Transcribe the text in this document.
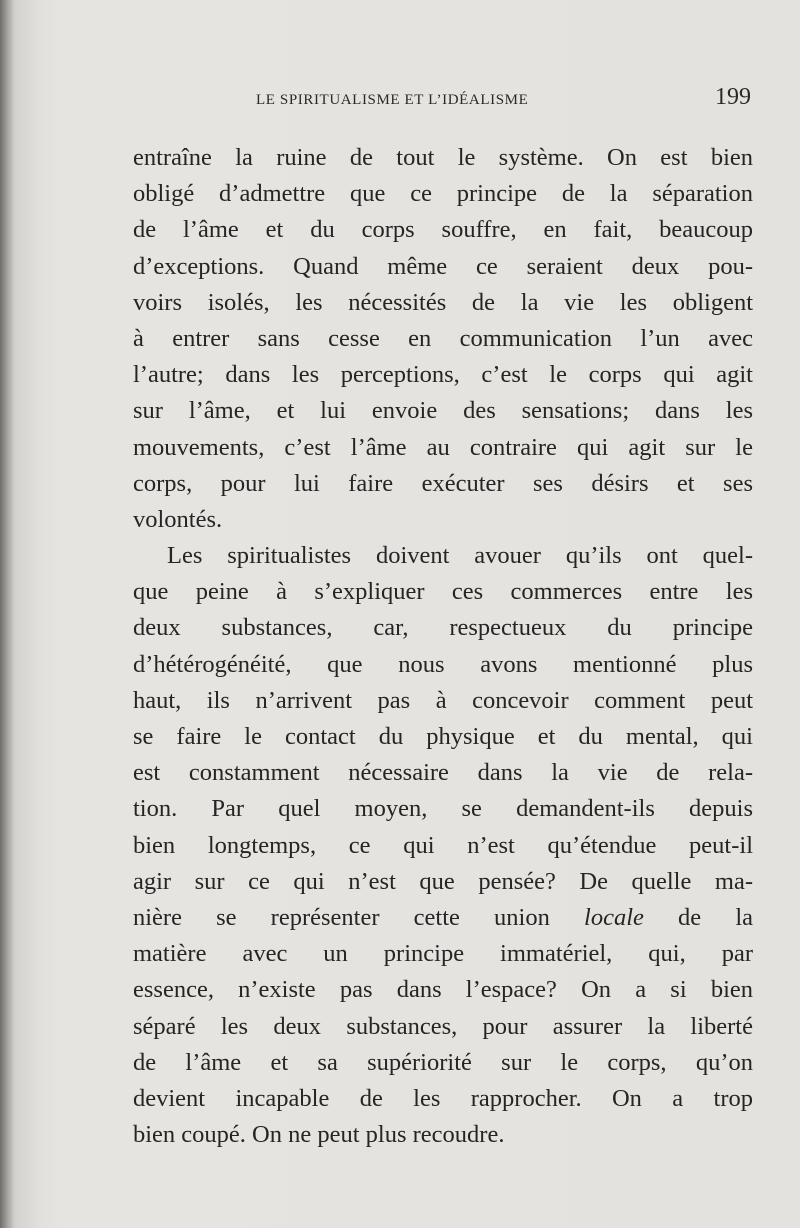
LE SPIRITUALISME ET L’IDÉALISME	199
entraîne la ruine de tout le système. On est bien
obligé d’admettre que ce principe de la séparation
de l’âme et du corps souffre, en fait, beaucoup
d’exceptions. Quand même ce seraient deux pou-
voirs isolés, les nécessités de la vie les obligent
à entrer sans cesse en communication l’un avec
l’autre; dans les perceptions, c’est le corps qui agit
sur l’âme, et lui envoie des sensations; dans les
mouvements, c’est l’âme au contraire qui agit sur le
corps, pour lui faire exécuter ses désirs et ses
volontés.
Les spiritualistes doivent avouer qu’ils ont quel-
que peine à s’expliquer ces commerces entre les
deux substances, car, respectueux du principe
d’hétérogénéité, que nous avons mentionné plus
haut, ils n’arrivent pas à concevoir comment peut
se faire le contact du physique et du mental, qui
est constamment nécessaire dans la vie de rela-
tion. Par quel moyen, se demandent-ils depuis
bien longtemps, ce qui n’est qu’étendue peut-il
agir sur ce qui n’est que pensée? De quelle ma-
nière se représenter cette union locale de la
matière avec un principe immatériel, qui, par
essence, n’existe pas dans l’espace? On a si bien
séparé les deux substances, pour assurer la liberté
de l’âme et sa supériorité sur le corps, qu’on
devient incapable de les rapprocher. On a trop
bien coupé. On ne peut plus recoudre.
